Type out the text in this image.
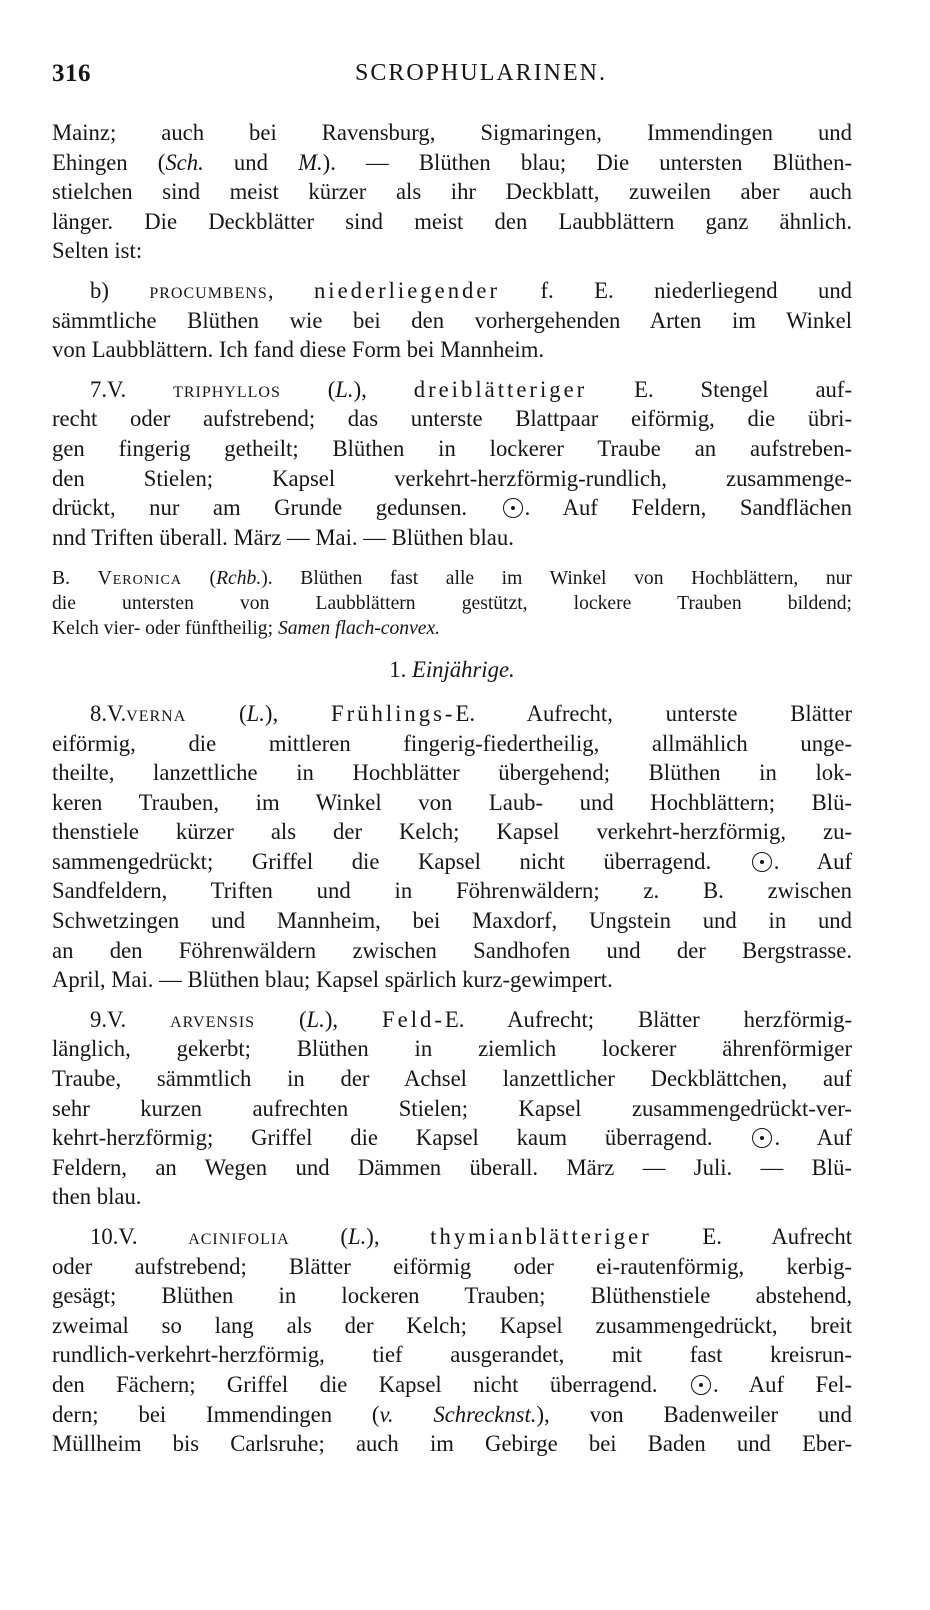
316	SCROPHULARINEN.
Mainz; auch bei Ravensburg, Sigmaringen, Immendingen und
Ehingen (Sch. und M.). — Blüthen blau; Die untersten Blüthen-
stielchen sind meist kürzer als ihr Deckblatt, zuweilen aber auch
länger. Die Deckblätter sind meist den Laubblättern ganz ähnlich.
Selten ist:
b) procumbens, niederliegender f. E. niederliegend und
sämmtliche Blüthen wie bei den vorhergehenden Arten im Winkel
von Laubblättern. Ich fand diese Form bei Mannheim.
7.V. triphyllos (L.), dreiblätteriger E. Stengel auf-
recht oder aufstrebend; das unterste Blattpaar eiförmig, die übri-
gen fingerig getheilt; Blüthen in lockerer Traube an aufstreben-
den Stielen; Kapsel verkehrt-herzförmig-rundlich, zusammenge-
drückt, nur am Grunde gedunsen.	. Auf Feldern, Sandflächen
nnd Triften überall. März — Mai. — Blüthen blau.
B. Veronica (Rchb.). Blüthen fast alle im Winkel von Hochblättern, nur
die untersten von Laubblättern gestützt, lockere Trauben bildend;
Kelch vier- oder fünftheilig; Samen flach-convex.
1. Einjährige.
8.V.verna (L.), Frühlings-E. Aufrecht, unterste Blätter
eiförmig, die mittleren fingerig-fiedertheilig, allmählich unge-
theilte, lanzettliche in Hochblätter übergehend; Blüthen in lok-
keren Trauben, im Winkel von Laub- und Hochblättern; Blü-
thenstiele kürzer als der Kelch; Kapsel verkehrt-herzförmig, zu-
sammengedrückt; Griffel die Kapsel nicht überragend.	. Auf
Sandfeldern, Triften und in Föhrenwäldern; z. B. zwischen
Schwetzingen und Mannheim, bei Maxdorf, Ungstein und in und
an den Föhrenwäldern zwischen Sandhofen und der Bergstrasse.
April, Mai. — Blüthen blau; Kapsel spärlich kurz-gewimpert.
9.V. arvensis (L.), Feld-E. Aufrecht; Blätter herzförmig-
länglich, gekerbt; Blüthen in ziemlich lockerer ährenförmiger
Traube, sämmtlich in der Achsel lanzettlicher Deckblättchen, auf
sehr kurzen aufrechten Stielen; Kapsel zusammengedrückt-ver-
kehrt-herzförmig; Griffel die Kapsel kaum überragend.	. Auf
Feldern, an Wegen und Dämmen überall. März — Juli. — Blü-
then blau.
10.V. acinifolia (L.), thymianblätteriger E. Aufrecht
oder aufstrebend; Blätter eiförmig oder ei-rautenförmig, kerbig-
gesägt; Blüthen in lockeren Trauben; Blüthenstiele abstehend,
zweimal so lang als der Kelch; Kapsel zusammengedrückt, breit
rundlich-verkehrt-herzförmig, tief ausgerandet, mit fast kreisrun-
den Fächern; Griffel die Kapsel nicht überragend. . Auf Fel-
dern; bei Immendingen (v. Schrecknst.), von Badenweiler und
Müllheim bis Carlsruhe; auch im Gebirge bei Baden und Eber-
